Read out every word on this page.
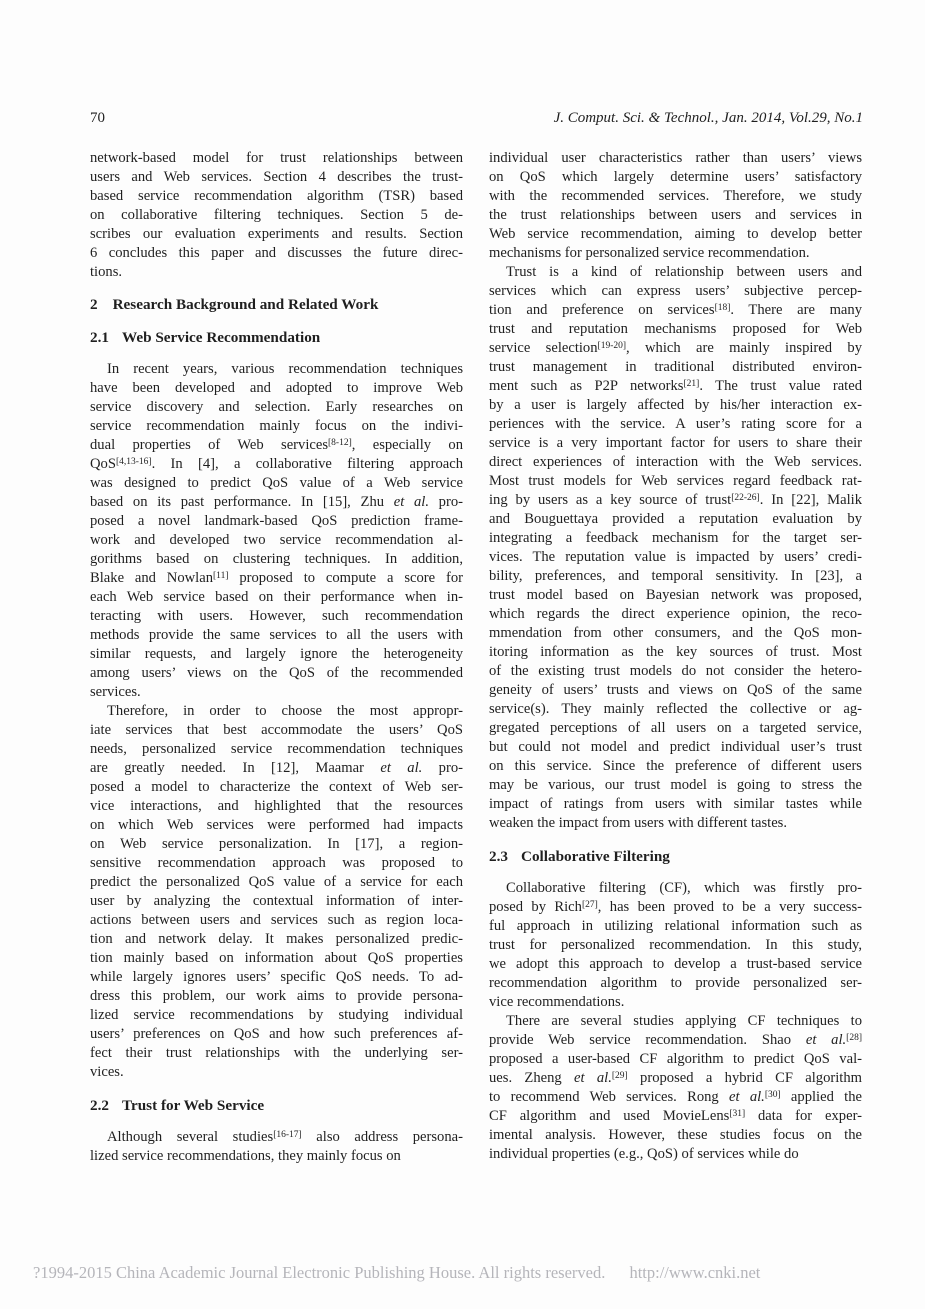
70	J. Comput. Sci. & Technol., Jan. 2014, Vol.29, No.1
network-based model for trust relationships between
users and Web services. Section 4 describes the trust-
based service recommendation algorithm (TSR) based
on collaborative filtering techniques. Section 5 de-
scribes our evaluation experiments and results. Section
6 concludes this paper and discusses the future direc-
tions.
2 Research Background and Related Work
2.1 Web Service Recommendation
In recent years, various recommendation techniques
have been developed and adopted to improve Web
service discovery and selection. Early researches on
service recommendation mainly focus on the indivi-
dual properties of Web services[8-12], especially on
QoS[4,13-16]. In [4], a collaborative filtering approach
was designed to predict QoS value of a Web service
based on its past performance. In [15], Zhu et al. pro-
posed a novel landmark-based QoS prediction frame-
work and developed two service recommendation al-
gorithms based on clustering techniques. In addition,
Blake and Nowlan[11] proposed to compute a score for
each Web service based on their performance when in-
teracting with users. However, such recommendation
methods provide the same services to all the users with
similar requests, and largely ignore the heterogeneity
among users’ views on the QoS of the recommended
services.
Therefore, in order to choose the most appropr-
iate services that best accommodate the users’ QoS
needs, personalized service recommendation techniques
are greatly needed. In [12], Maamar et al. pro-
posed a model to characterize the context of Web ser-
vice interactions, and highlighted that the resources
on which Web services were performed had impacts
on Web service personalization. In [17], a region-
sensitive recommendation approach was proposed to
predict the personalized QoS value of a service for each
user by analyzing the contextual information of inter-
actions between users and services such as region loca-
tion and network delay. It makes personalized predic-
tion mainly based on information about QoS properties
while largely ignores users’ specific QoS needs. To ad-
dress this problem, our work aims to provide persona-
lized service recommendations by studying individual
users’ preferences on QoS and how such preferences af-
fect their trust relationships with the underlying ser-
vices.
2.2 Trust for Web Service
Although several studies[16-17] also address persona-
lized service recommendations, they mainly focus on
individual user characteristics rather than users’ views
on QoS which largely determine users’ satisfactory
with the recommended services. Therefore, we study
the trust relationships between users and services in
Web service recommendation, aiming to develop better
mechanisms for personalized service recommendation.
Trust is a kind of relationship between users and
services which can express users’ subjective percep-
tion and preference on services[18]. There are many
trust and reputation mechanisms proposed for Web
service selection[19-20], which are mainly inspired by
trust management in traditional distributed environ-
ment such as P2P networks[21]. The trust value rated
by a user is largely affected by his/her interaction ex-
periences with the service. A user’s rating score for a
service is a very important factor for users to share their
direct experiences of interaction with the Web services.
Most trust models for Web services regard feedback rat-
ing by users as a key source of trust[22-26]. In [22], Malik
and Bouguettaya provided a reputation evaluation by
integrating a feedback mechanism for the target ser-
vices. The reputation value is impacted by users’ credi-
bility, preferences, and temporal sensitivity. In [23], a
trust model based on Bayesian network was proposed,
which regards the direct experience opinion, the reco-
mmendation from other consumers, and the QoS mon-
itoring information as the key sources of trust. Most
of the existing trust models do not consider the hetero-
geneity of users’ trusts and views on QoS of the same
service(s). They mainly reflected the collective or ag-
gregated perceptions of all users on a targeted service,
but could not model and predict individual user’s trust
on this service. Since the preference of different users
may be various, our trust model is going to stress the
impact of ratings from users with similar tastes while
weaken the impact from users with different tastes.
2.3 Collaborative Filtering
Collaborative filtering (CF), which was firstly pro-
posed by Rich[27], has been proved to be a very success-
ful approach in utilizing relational information such as
trust for personalized recommendation. In this study,
we adopt this approach to develop a trust-based service
recommendation algorithm to provide personalized ser-
vice recommendations.
There are several studies applying CF techniques to
provide Web service recommendation. Shao et al.[28]
proposed a user-based CF algorithm to predict QoS val-
ues. Zheng et al.[29] proposed a hybrid CF algorithm
to recommend Web services. Rong et al.[30] applied the
CF algorithm and used MovieLens[31] data for exper-
imental analysis. However, these studies focus on the
individual properties (e.g., QoS) of services while do
?1994-2015 China Academic Journal Electronic Publishing House. All rights reserved. http://www.cnki.net
